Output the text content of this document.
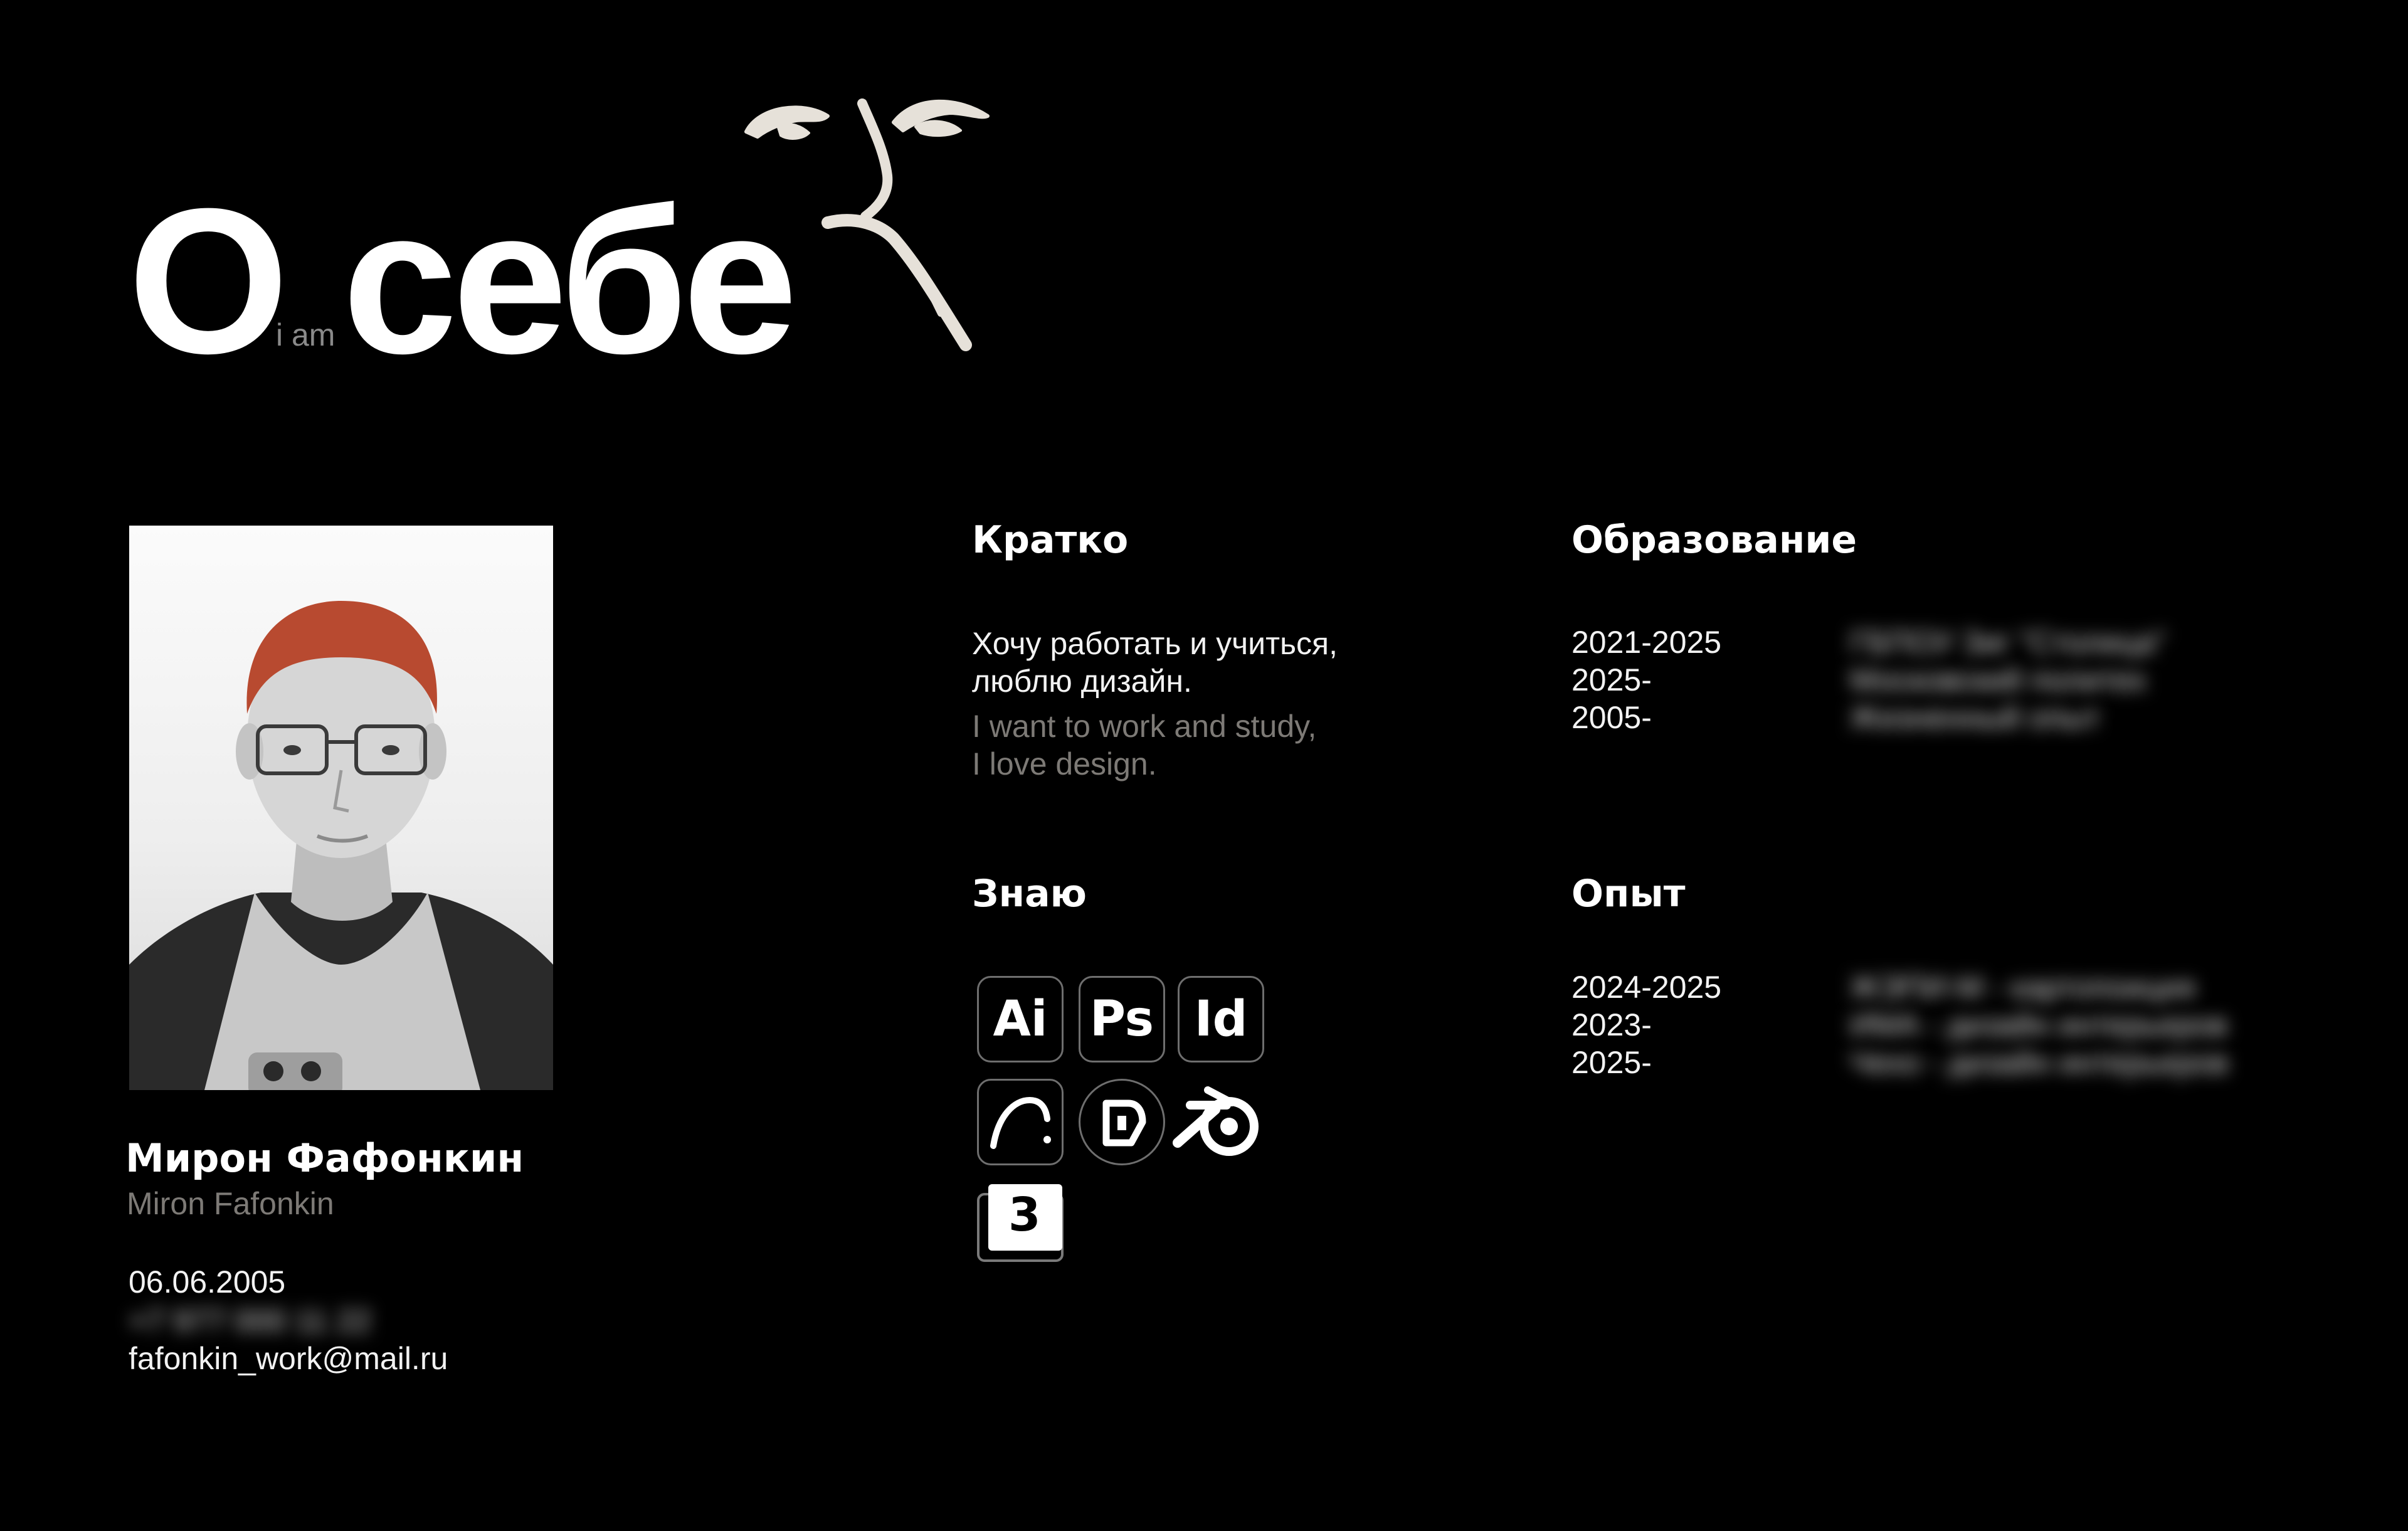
О
i am себе
Мирон Фафонкин
Miron Fafonkin
06.06.2005
+7 977 000 11 22
fafonkin_work@mail.ru
Кратко
Хочу работать и учиться,
люблю дизайн.
I want to work and study,
I love design.
Знаю
Ai Ps Id
3
Образование
2021-2025
2025-
2005-
ГБПОУ Зиг "Столица"
Московский политех
Жизненный опыт
Опыт
2024-2025
2023-
2025-
ЖЭПИ-М - картопоиция
ИМА - дизайн интерьеров
Чехо - дизайн интерьеров
